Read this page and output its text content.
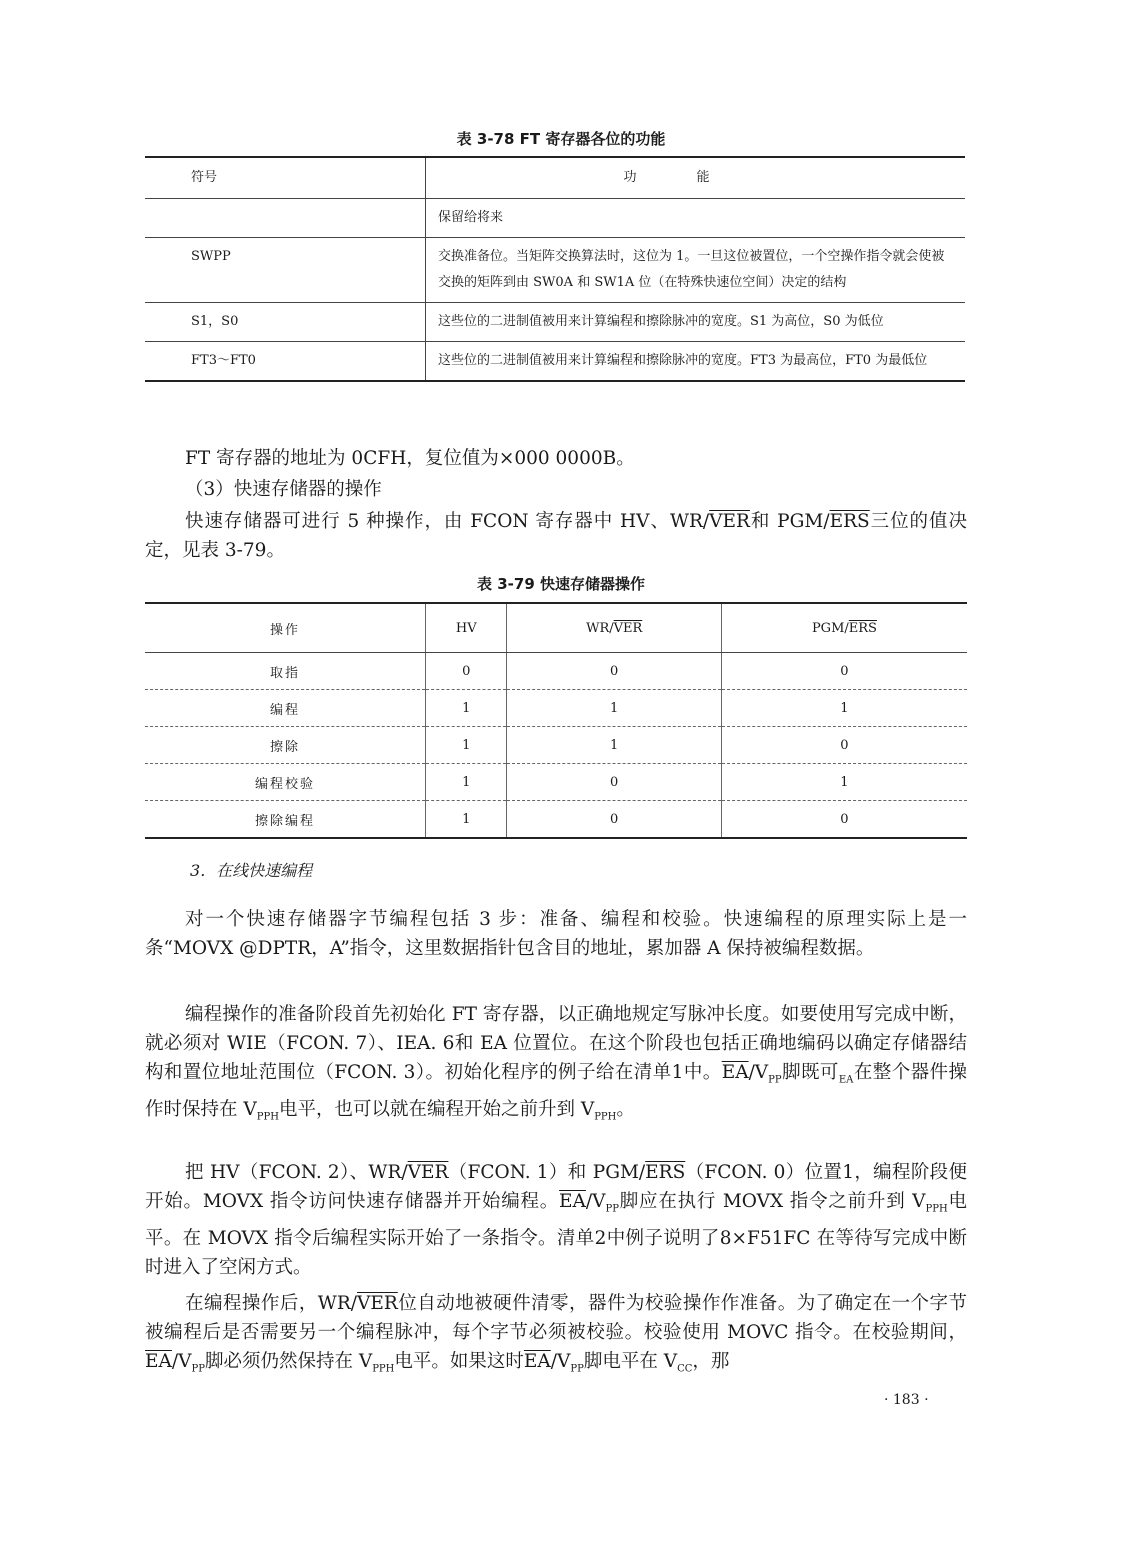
表 3-78 FT 寄存器各位的功能
符号	功能
	保留给将来
SWPP	交换准备位。当矩阵交换算法时，这位为 1。一旦这位被置位，一个空操作指令就会使被交换的矩阵到由 SW0A 和 SW1A 位（在特殊快速位空间）决定的结构
S1，S0	这些位的二进制值被用来计算编程和擦除脉冲的宽度。S1 为高位，S0 为低位
FT3～FT0	这些位的二进制值被用来计算编程和擦除脉冲的宽度。FT3 为最高位，FT0 为最低位
FT 寄存器的地址为 0CFH，复位值为×000 0000B。
（3）快速存储器的操作
快速存储器可进行 5 种操作，由 FCON 寄存器中 HV、$WR/\overline{VER}$和 PGM/$\overline{ERS}$三位的值决定，见表 3-79。
表 3-79 快速存储器操作
操作	HV	$WR/\overline{VER}$	PGM/$\overline{ERS}$
取指	0	0	0
编程	1	1	1
擦除	1	1	0
编程校验	1	0	1
擦除编程	1	0	0
3．在线快速编程
对一个快速存储器字节编程包括 3 步：准备、编程和校验。快速编程的原理实际上是一条“MOVX @DPTR，A”指令，这里数据指针包含目的地址，累加器 A 保持被编程数据。
编程操作的准备阶段首先初始化 FT 寄存器，以正确地规定写脉冲长度。如要使用写完成中断，就必须对 WIE（FCON. 7）、IEA. 6和 EA 位置位。在这个阶段也包括正确地编码以确定存储器结构和置位地址范围位（FCON. 3）。初始化程序的例子给在清单1中。$\overline{EA}/V_{PP}$脚既可$_{EA}$在整个器件操作时保持在 $V_{PPH}$电平，也可以就在编程开始之前升到 $V_{PPH}$。
把 HV（FCON. 2）、$WR/\overline{VER}(FCON$. 1）和 PGM/$\overline{ERS}(FCON$. 0）位置1，编程阶段便开始。MOVX 指令访问快速存储器并开始编程。$\overline{EA}/V_{PP}$脚应在执行 MOVX 指令之前升到 $V_{PPH}$电平。在 MOVX 指令后编程实际开始了一条指令。清单2中例子说明了8×F51FC 在等待写完成中断时进入了空闲方式。
在编程操作后，$WR/\overline{VER}$位自动地被硬件清零，器件为校验操作作准备。为了确定在一个字节被编程后是否需要另一个编程脉冲，每个字节必须被校验。校验使用 MOVC 指令。在校验期间，$\overline{EA}/V_{PP}$脚必须仍然保持在 $V_{PPH}$电平。如果这时$\overline{EA}/V_{PP}$脚电平在 $V_{CC}$，那
· 183 ·
